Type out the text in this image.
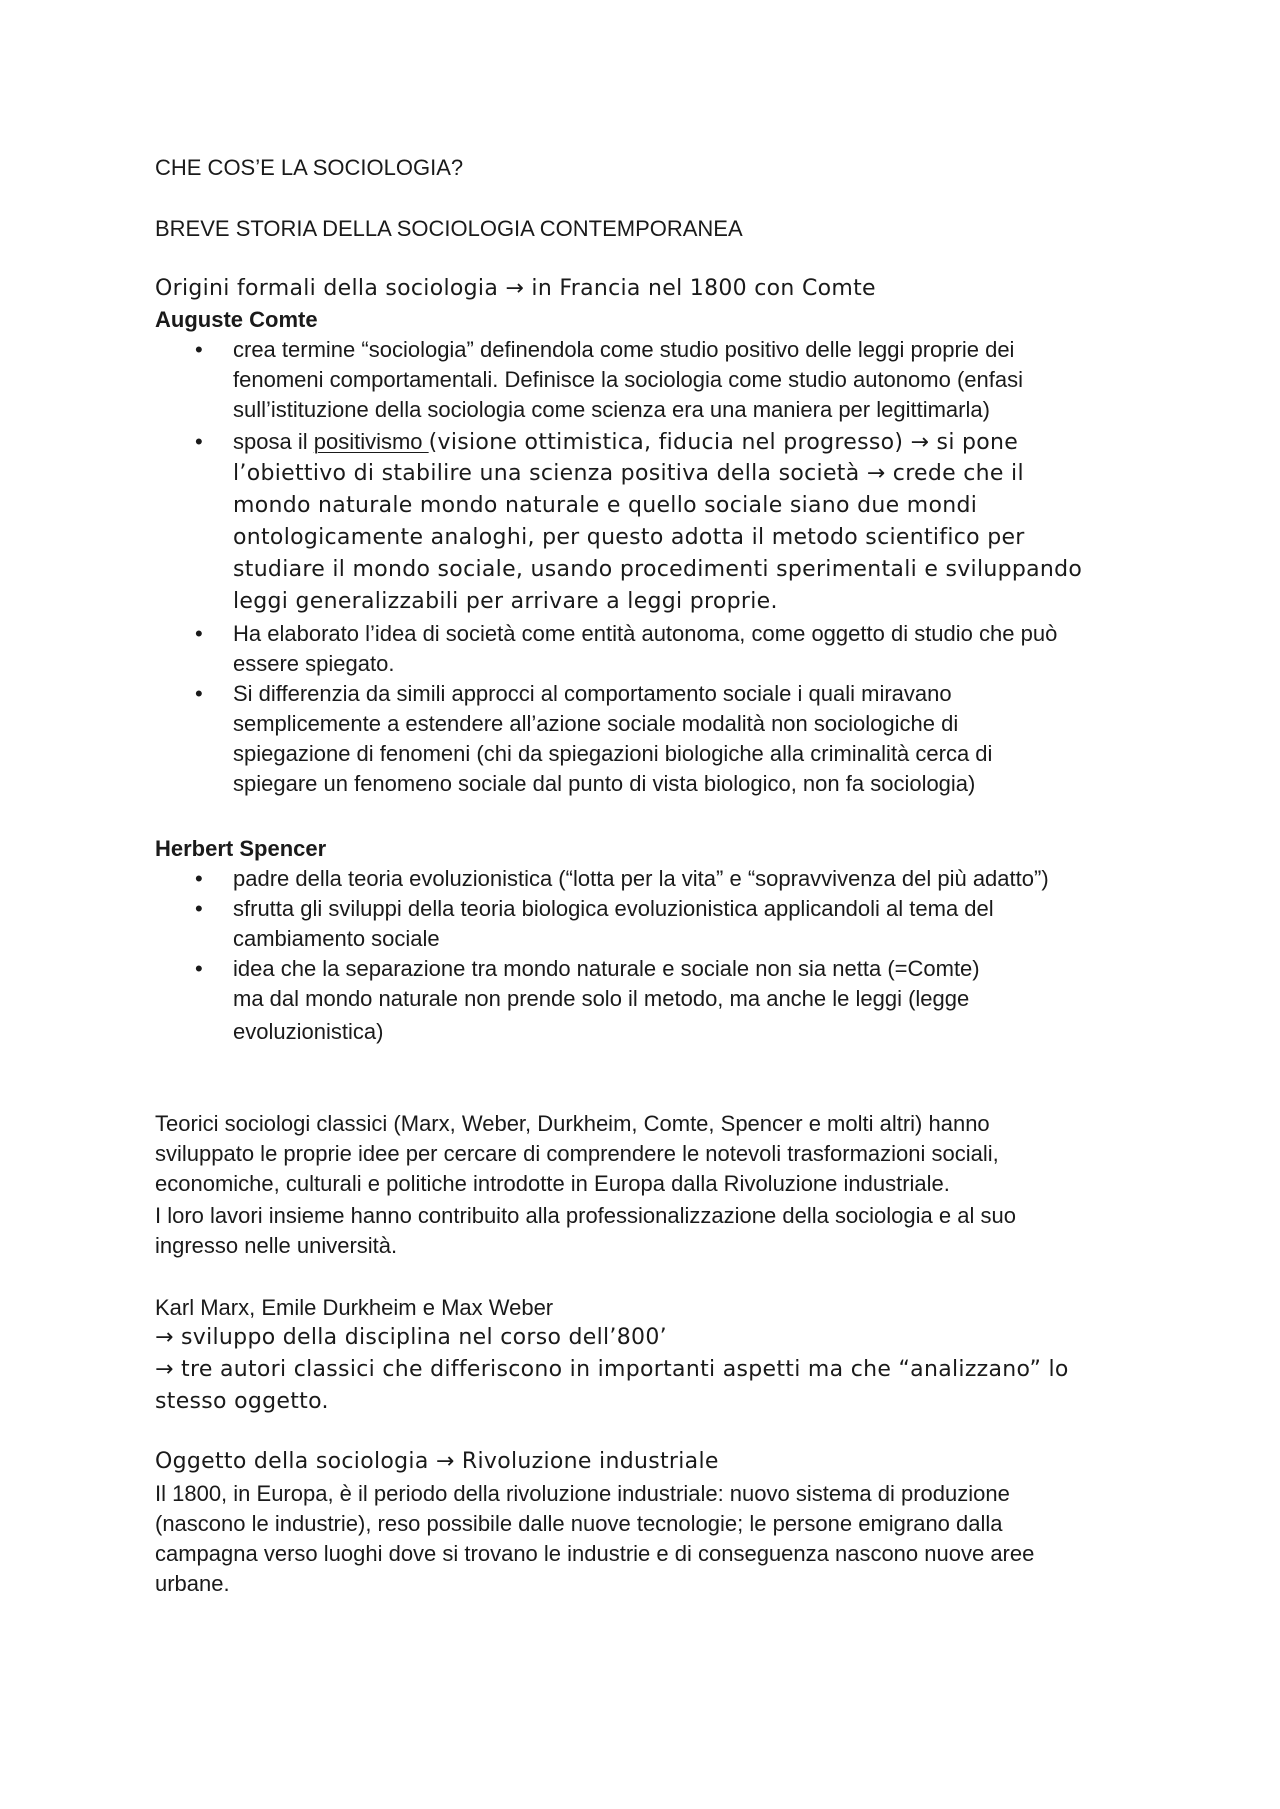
CHE COS’E LA SOCIOLOGIA?
BREVE STORIA DELLA SOCIOLOGIA CONTEMPORANEA
Origini formali della sociologia → in Francia nel 1800 con Comte
Auguste Comte
• crea termine “sociologia” definendola come studio positivo delle leggi proprie dei
fenomeni comportamentali. Definisce la sociologia come studio autonomo (enfasi
sull’istituzione della sociologia come scienza era una maniera per legittimarla)
• sposa il positivismo (visione ottimistica, fiducia nel progresso) → si pone
l’obiettivo di stabilire una scienza positiva della società → crede che il
mondo naturale mondo naturale e quello sociale siano due mondi
ontologicamente analoghi, per questo adotta il metodo scientifico per
studiare il mondo sociale, usando procedimenti sperimentali e sviluppando
leggi generalizzabili per arrivare a leggi proprie.
• Ha elaborato l’idea di società come entità autonoma, come oggetto di studio che può
essere spiegato.
• Si differenzia da simili approcci al comportamento sociale i quali miravano
semplicemente a estendere all’azione sociale modalità non sociologiche di
spiegazione di fenomeni (chi da spiegazioni biologiche alla criminalità cerca di
spiegare un fenomeno sociale dal punto di vista biologico, non fa sociologia)
Herbert Spencer
• padre della teoria evoluzionistica (“lotta per la vita” e “sopravvivenza del più adatto”)
• sfrutta gli sviluppi della teoria biologica evoluzionistica applicandoli al tema del
cambiamento sociale
• idea che la separazione tra mondo naturale e sociale non sia netta (=Comte)
ma dal mondo naturale non prende solo il metodo, ma anche le leggi (legge
evoluzionistica)
Teorici sociologi classici (Marx, Weber, Durkheim, Comte, Spencer e molti altri) hanno
sviluppato le proprie idee per cercare di comprendere le notevoli trasformazioni sociali,
economiche, culturali e politiche introdotte in Europa dalla Rivoluzione industriale.
I loro lavori insieme hanno contribuito alla professionalizzazione della sociologia e al suo
ingresso nelle università.
Karl Marx, Emile Durkheim e Max Weber
→ sviluppo della disciplina nel corso dell’800’
→ tre autori classici che differiscono in importanti aspetti ma che “analizzano” lo
stesso oggetto.
Oggetto della sociologia → Rivoluzione industriale
Il 1800, in Europa, è il periodo della rivoluzione industriale: nuovo sistema di produzione
(nascono le industrie), reso possibile dalle nuove tecnologie; le persone emigrano dalla
campagna verso luoghi dove si trovano le industrie e di conseguenza nascono nuove aree
urbane.
